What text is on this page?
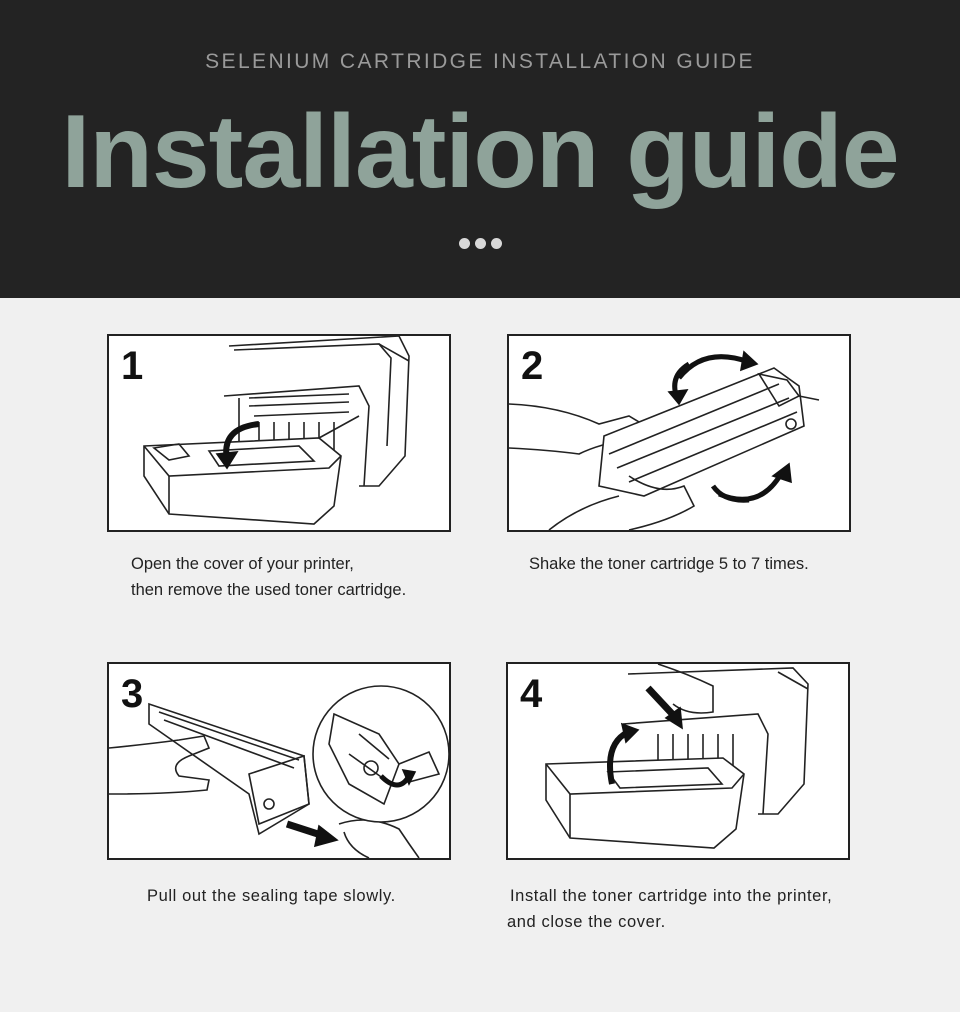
SELENIUM CARTRIDGE INSTALLATION GUIDE
Installation guide
1
Open the cover of your printer,
then remove the used toner cartridge.
2
Shake the toner cartridge 5 to 7 times.
3
Pull out the sealing tape slowly.
4
Install the toner cartridge into the printer,
and close the cover.
